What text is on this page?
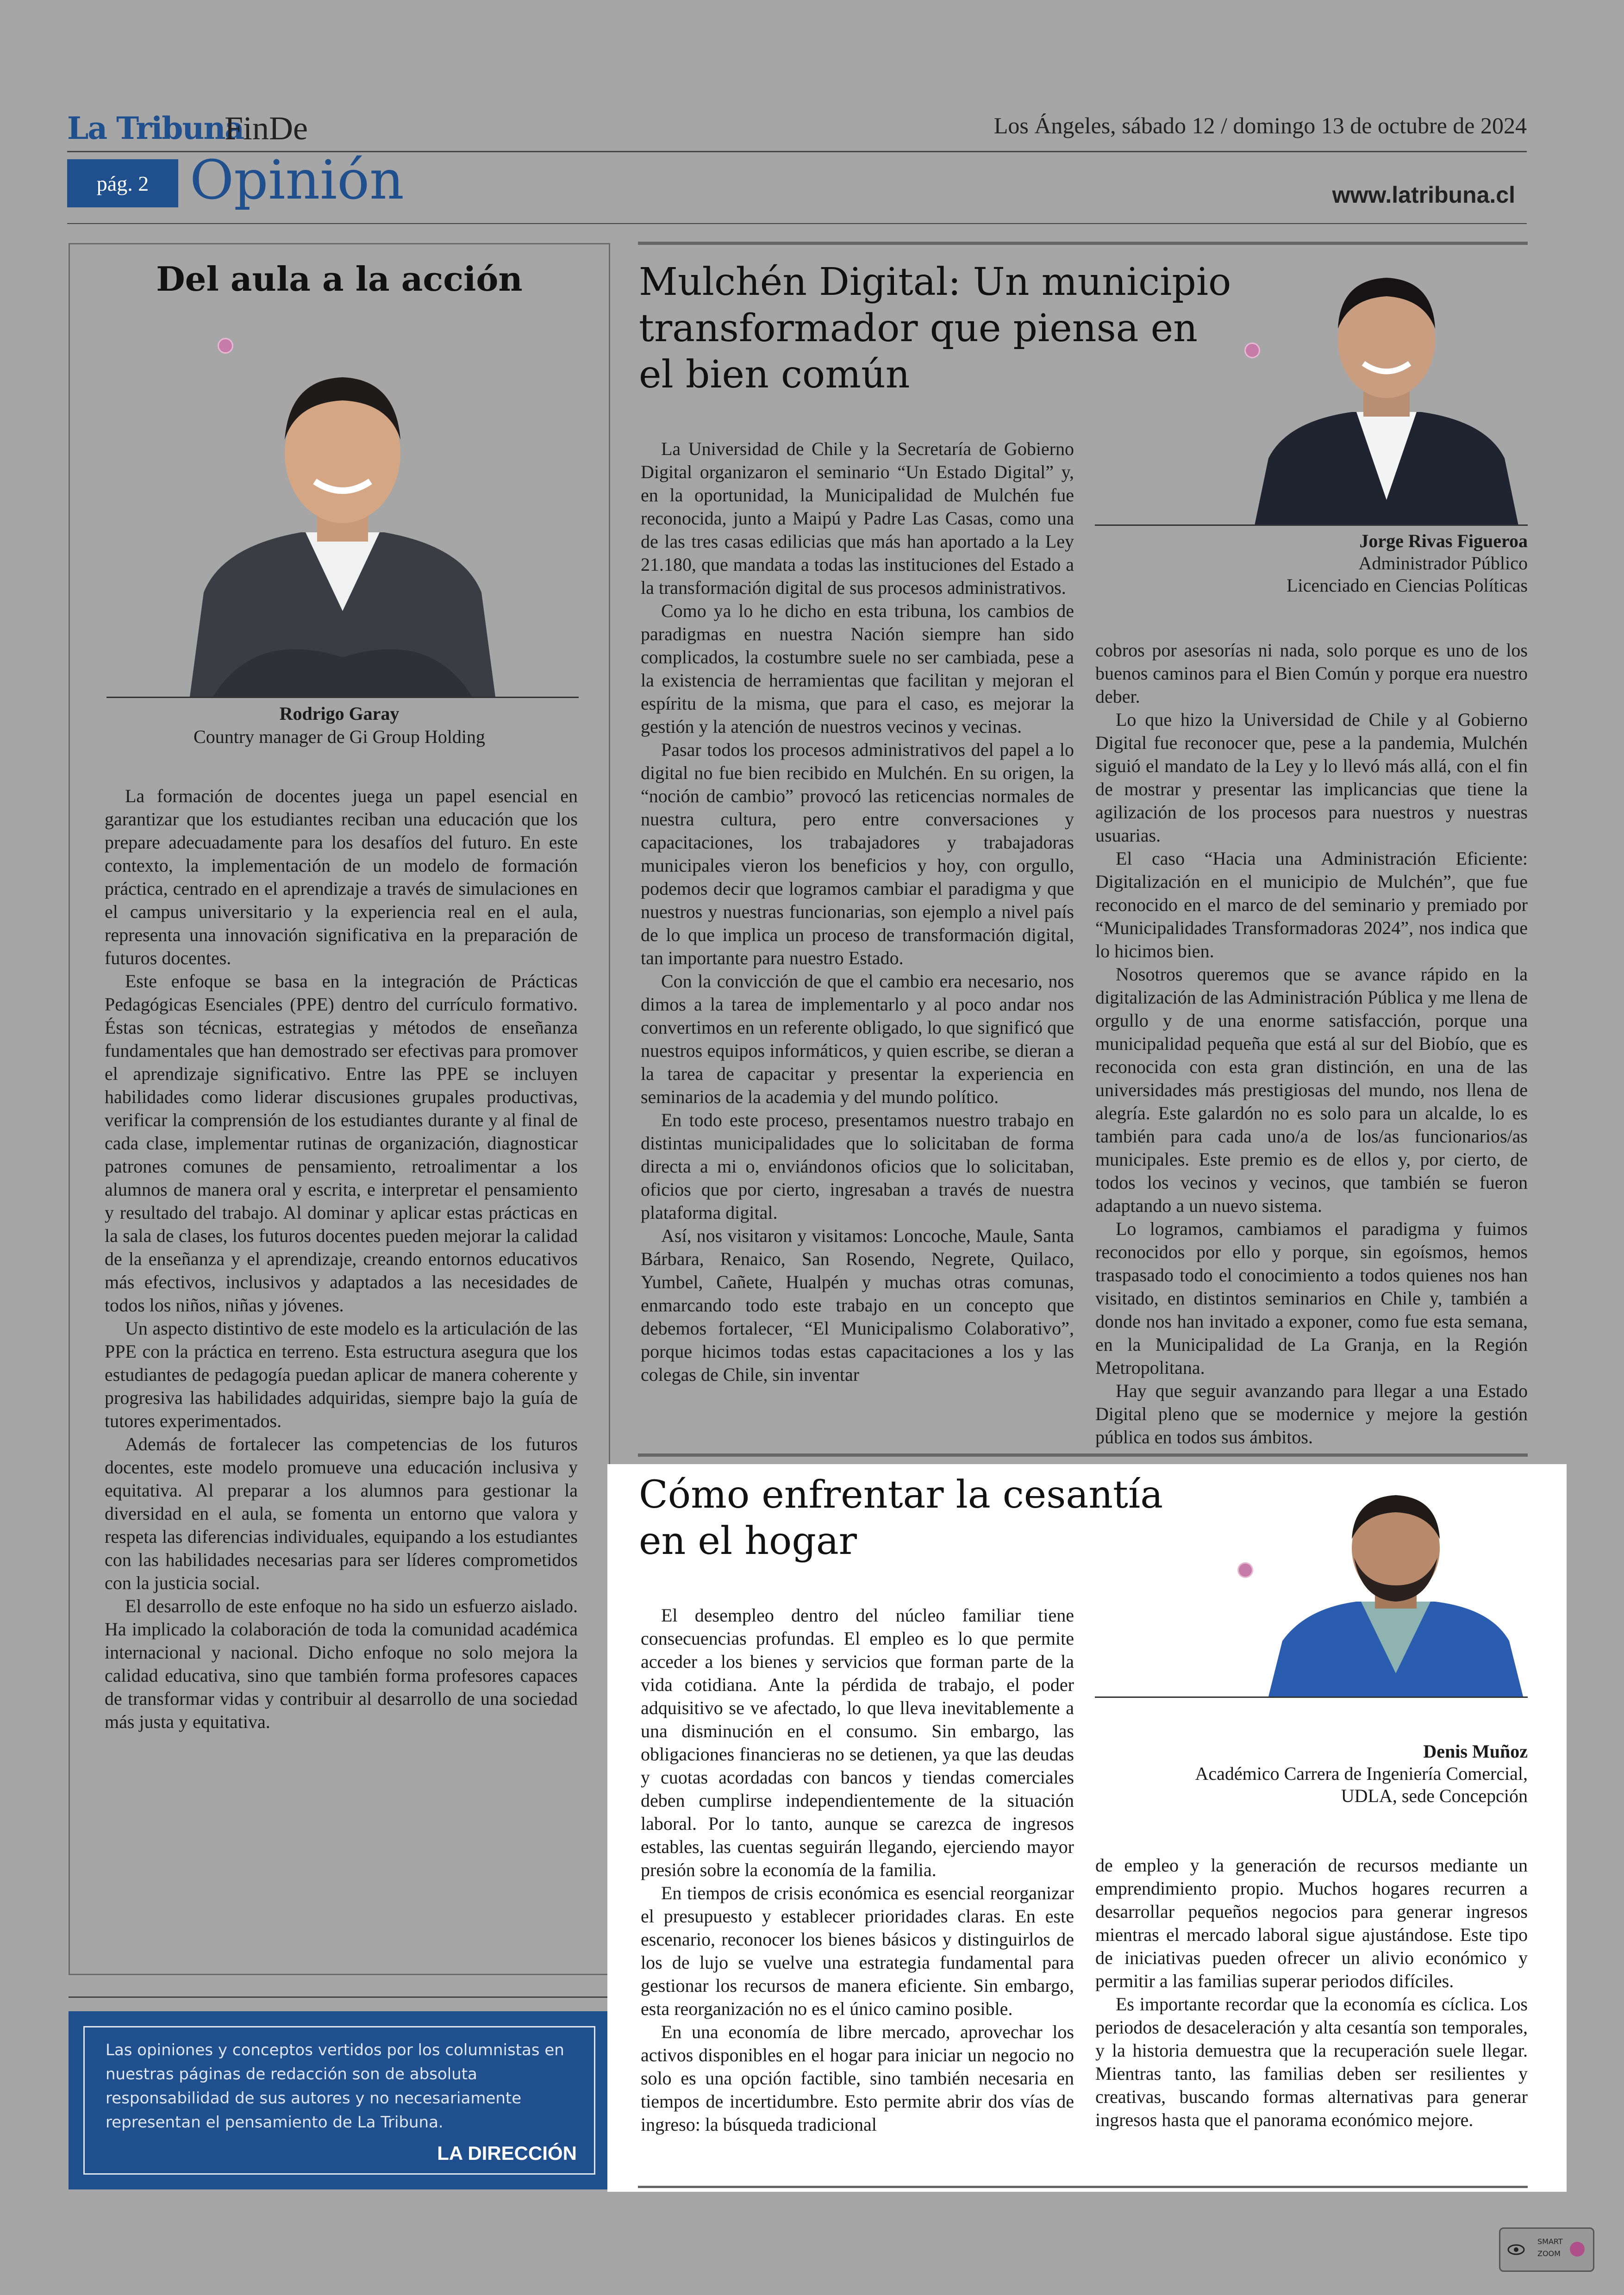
La Tribuna
FinDe	Los Ángeles, sábado 12 / domingo 13 de octubre de 2024
pág. 2 Opinión	www.latribuna.cl
Del aula a la acción
Rodrigo Garay
Country manager de Gi Group Holding

La formación de docentes juega un papel esencial en garantizar que los estudiantes reciban una educación que los prepare adecuadamente para los desafíos del futuro. En este contexto, la implementación de un modelo de formación práctica, centrado en el aprendizaje a través de simulaciones en el campus universitario y la experiencia real en el aula, representa una innovación significativa en la preparación de futuros docentes.

Este enfoque se basa en la integración de Prácticas Pedagógicas Esenciales (PPE) dentro del currículo formativo. Éstas son técnicas, estrategias y métodos de enseñanza fundamentales que han demostrado ser efectivas para promover el aprendizaje significativo. Entre las PPE se incluyen habilidades como liderar discusiones grupales productivas, verificar la comprensión de los estudiantes durante y al final de cada clase, implementar rutinas de organización, diagnosticar patrones comunes de pensamiento, retroalimentar a los alumnos de manera oral y escrita, e interpretar el pensamiento y resultado del trabajo. Al dominar y aplicar estas prácticas en la sala de clases, los futuros docentes pueden mejorar la calidad de la enseñanza y el aprendizaje, creando entornos educativos más efectivos, inclusivos y adaptados a las necesidades de todos los niños, niñas y jóvenes.

Un aspecto distintivo de este modelo es la articulación de las PPE con la práctica en terreno. Esta estructura asegura que los estudiantes de pedagogía puedan aplicar de manera coherente y progresiva las habilidades adquiridas, siempre bajo la guía de tutores experimentados.

Además de fortalecer las competencias de los futuros docentes, este modelo promueve una educación inclusiva y equitativa. Al preparar a los alumnos para gestionar la diversidad en el aula, se fomenta un entorno que valora y respeta las diferencias individuales, equipando a los estudiantes con las habilidades necesarias para ser líderes comprometidos con la justicia social.

El desarrollo de este enfoque no ha sido un esfuerzo aislado. Ha implicado la colaboración de toda la comunidad académica internacional y nacional. Dicho enfoque no solo mejora la calidad educativa, sino que también forma profesores capaces de transformar vidas y contribuir al desarrollo de una sociedad más justa y equitativa.

Las opiniones y conceptos vertidos por los columnistas en nuestras páginas de redacción son de absoluta responsabilidad de sus autores y no necesariamente representan el pensamiento de La Tribuna.
LA DIRECCIÓN
Mulchén Digital: Un municipio transformador que piensa en el bien común
Jorge Rivas Figueroa
Administrador Público
Licenciado en Ciencias Políticas

La Universidad de Chile y la Secretaría de Gobierno Digital organizaron el seminario “Un Estado Digital” y, en la oportunidad, la Municipalidad de Mulchén fue reconocida, junto a Maipú y Padre Las Casas, como una de las tres casas edilicias que más han aportado a la Ley 21.180, que mandata a todas las instituciones del Estado a la transformación digital de sus procesos administrativos.

Como ya lo he dicho en esta tribuna, los cambios de paradigmas en nuestra Nación siempre han sido complicados, la costumbre suele no ser cambiada, pese a la existencia de herramientas que facilitan y mejoran el espíritu de la misma, que para el caso, es mejorar la gestión y la atención de nuestros vecinos y vecinas.

Pasar todos los procesos administrativos del papel a lo digital no fue bien recibido en Mulchén. En su origen, la “noción de cambio” provocó las reticencias normales de nuestra cultura, pero entre conversaciones y capacitaciones, los trabajadores y trabajadoras municipales vieron los beneficios y hoy, con orgullo, podemos decir que logramos cambiar el paradigma y que nuestros y nuestras funcionarias, son ejemplo a nivel país de lo que implica un proceso de transformación digital, tan importante para nuestro Estado.

Con la convicción de que el cambio era necesario, nos dimos a la tarea de implementarlo y al poco andar nos convertimos en un referente obligado, lo que significó que nuestros equipos informáticos, y quien escribe, se dieran a la tarea de capacitar y presentar la experiencia en seminarios de la academia y del mundo político.

En todo este proceso, presentamos nuestro trabajo en distintas municipalidades que lo solicitaban de forma directa a mi o, enviándonos oficios que lo solicitaban, oficios que por cierto, ingresaban a través de nuestra plataforma digital.

Así, nos visitaron y visitamos: Loncoche, Maule, Santa Bárbara, Renaico, San Rosendo, Negrete, Quilaco, Yumbel, Cañete, Hualpén y muchas otras comunas, enmarcando todo este trabajo en un concepto que debemos fortalecer, “El Municipalismo Colaborativo”, porque hicimos todas estas capacitaciones a los y las colegas de Chile, sin inventar

cobros por asesorías ni nada, solo porque es uno de los buenos caminos para el Bien Común y porque era nuestro deber.

Lo que hizo la Universidad de Chile y al Gobierno Digital fue reconocer que, pese a la pandemia, Mulchén siguió el mandato de la Ley y lo llevó más allá, con el fin de mostrar y presentar las implicancias que tiene la agilización de los procesos para nuestros y nuestras usuarias.

El caso “Hacia una Administración Eficiente: Digitalización en el municipio de Mulchén”, que fue reconocido en el marco de del seminario y premiado por “Municipalidades Transformadoras 2024”, nos indica que lo hicimos bien.

Nosotros queremos que se avance rápido en la digitalización de las Administración Pública y me llena de orgullo y de una enorme satisfacción, porque una municipalidad pequeña que está al sur del Biobío, que es reconocida con esta gran distinción, en una de las universidades más prestigiosas del mundo, nos llena de alegría. Este galardón no es solo para un alcalde, lo es también para cada uno/a de los/as funcionarios/as municipales. Este premio es de ellos y, por cierto, de todos los vecinos y vecinos, que también se fueron adaptando a un nuevo sistema.

Lo logramos, cambiamos el paradigma y fuimos reconocidos por ello y porque, sin egoísmos, hemos traspasado todo el conocimiento a todos quienes nos han visitado, en distintos seminarios en Chile y, también a donde nos han invitado a exponer, como fue esta semana, en la Municipalidad de La Granja, en la Región Metropolitana.

Hay que seguir avanzando para llegar a una Estado Digital pleno que se modernice y mejore la gestión pública en todos sus ámbitos.

Cómo enfrentar la cesantía en el hogar
Denis Muñoz
Académico Carrera de Ingeniería Comercial,
UDLA, sede Concepción

El desempleo dentro del núcleo familiar tiene consecuencias profundas. El empleo es lo que permite acceder a los bienes y servicios que forman parte de la vida cotidiana. Ante la pérdida de trabajo, el poder adquisitivo se ve afectado, lo que lleva inevitablemente a una disminución en el consumo. Sin embargo, las obligaciones financieras no se detienen, ya que las deudas y cuotas acordadas con bancos y tiendas comerciales deben cumplirse independientemente de la situación laboral. Por lo tanto, aunque se carezca de ingresos estables, las cuentas seguirán llegando, ejerciendo mayor presión sobre la economía de la familia.

En tiempos de crisis económica es esencial reorganizar el presupuesto y establecer prioridades claras. En este escenario, reconocer los bienes básicos y distinguirlos de los de lujo se vuelve una estrategia fundamental para gestionar los recursos de manera eficiente. Sin embargo, esta reorganización no es el único camino posible.

En una economía de libre mercado, aprovechar los activos disponibles en el hogar para iniciar un negocio no solo es una opción factible, sino también necesaria en tiempos de incertidumbre. Esto permite abrir dos vías de ingreso: la búsqueda tradicional

de empleo y la generación de recursos mediante un emprendimiento propio. Muchos hogares recurren a desarrollar pequeños negocios para generar ingresos mientras el mercado laboral sigue ajustándose. Este tipo de iniciativas pueden ofrecer un alivio económico y permitir a las familias superar periodos difíciles.

Es importante recordar que la economía es cíclica. Los periodos de desaceleración y alta cesantía son temporales, y la historia demuestra que la recuperación suele llegar. Mientras tanto, las familias deben ser resilientes y creativas, buscando formas alternativas para generar ingresos hasta que el panorama económico mejore.

SMART
ZOOM
